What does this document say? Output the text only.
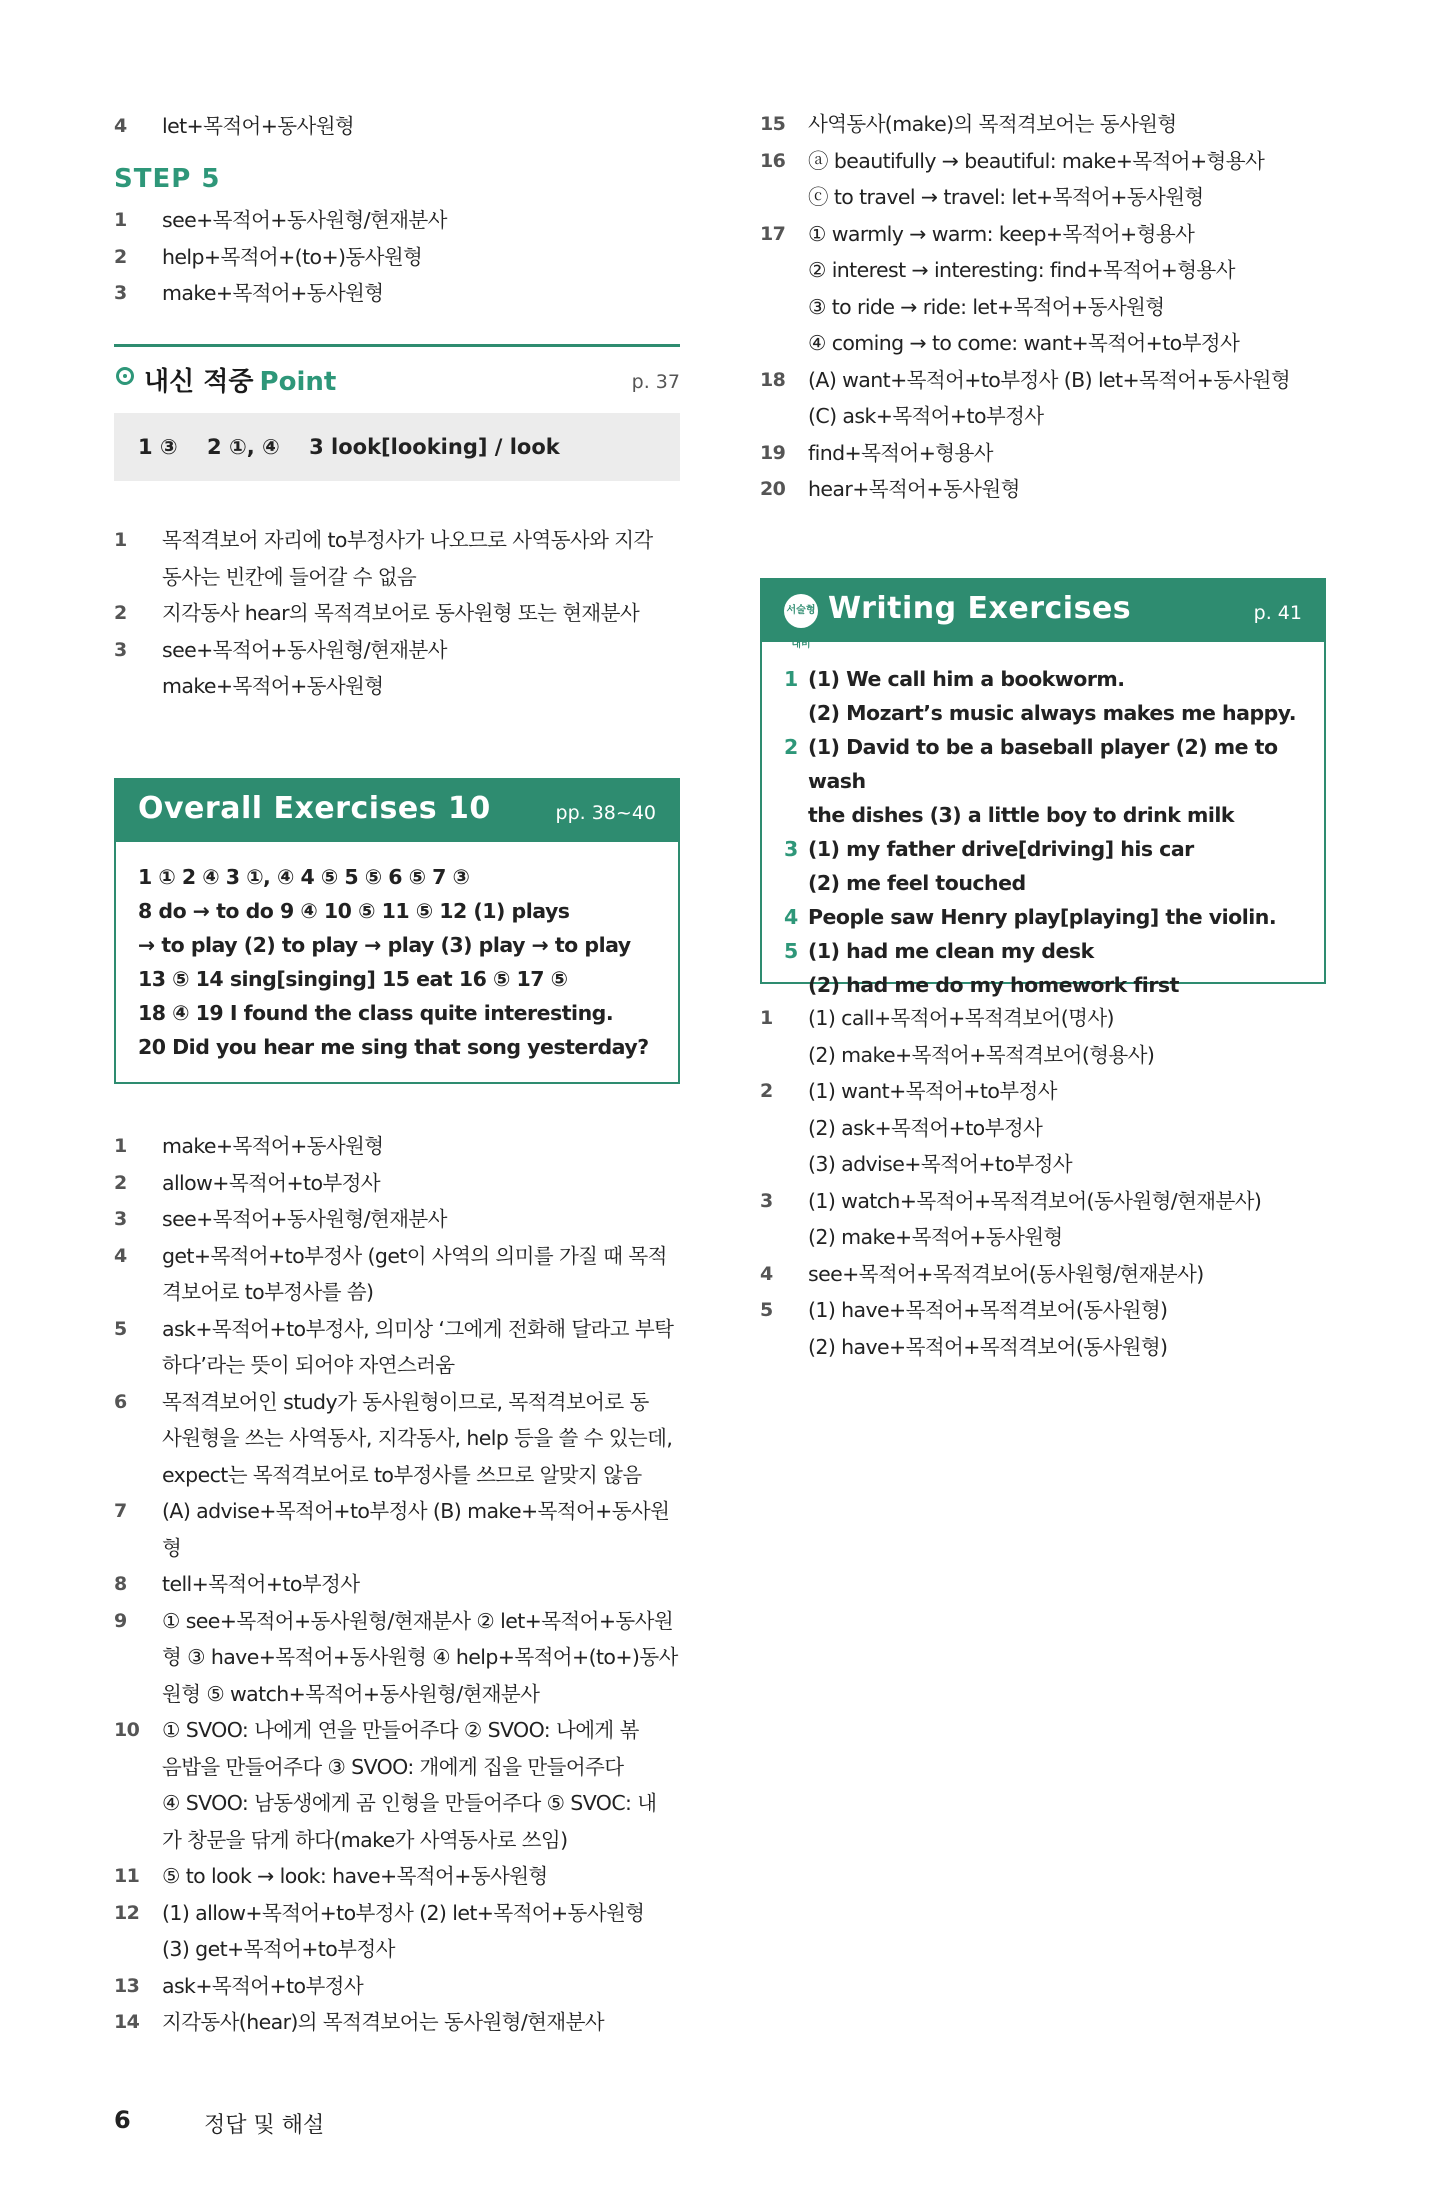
4	let+목적어+동사원형
STEP 5
1	see+목적어+동사원형/현재분사
2	help+목적어+(to+)동사원형
3	make+목적어+동사원형
내신 적중 Point	p. 37
1 ③ 2 ①, ④ 3 look[looking] / look
1	목적격보어 자리에 to부정사가 나오므로 사역동사와 지각
동사는 빈칸에 들어갈 수 없음
2	지각동사 hear의 목적격보어로 동사원형 또는 현재분사
3	see+목적어+동사원형/현재분사
make+목적어+동사원형
Overall Exercises 10	pp. 38~40
1 ① 2 ④ 3 ①, ④ 4 ⑤ 5 ⑤ 6 ⑤ 7 ③
8 do → to do 9 ④ 10 ⑤ 11 ⑤ 12 (1) plays
→ to play (2) to play → play (3) play → to play
13 ⑤ 14 sing[singing] 15 eat 16 ⑤ 17 ⑤
18 ④ 19 I found the class quite interesting.
20 Did you hear me sing that song yesterday?
1	make+목적어+동사원형
2	allow+목적어+to부정사
3	see+목적어+동사원형/현재분사
4	get+목적어+to부정사 (get이 사역의 의미를 가질 때 목적
격보어로 to부정사를 씀)
5	ask+목적어+to부정사, 의미상 ‘그에게 전화해 달라고 부탁
하다’라는 뜻이 되어야 자연스러움
6	목적격보어인 study가 동사원형이므로, 목적격보어로 동
사원형을 쓰는 사역동사, 지각동사, help 등을 쓸 수 있는데,
expect는 목적격보어로 to부정사를 쓰므로 알맞지 않음
7	(A) advise+목적어+to부정사 (B) make+목적어+동사원형
8	tell+목적어+to부정사
9	① see+목적어+동사원형/현재분사 ② let+목적어+동사원
형 ③ have+목적어+동사원형 ④ help+목적어+(to+)동사
원형 ⑤ watch+목적어+동사원형/현재분사
10	① SVOO: 나에게 연을 만들어주다 ② SVOO: 나에게 볶
음밥을 만들어주다 ③ SVOO: 개에게 집을 만들어주다
④ SVOO: 남동생에게 곰 인형을 만들어주다 ⑤ SVOC: 내
가 창문을 닦게 하다(make가 사역동사로 쓰임)
11	⑤ to look → look: have+목적어+동사원형
12	(1) allow+목적어+to부정사 (2) let+목적어+동사원형
(3) get+목적어+to부정사
13	ask+목적어+to부정사
14	지각동사(hear)의 목적격보어는 동사원형/현재분사
15	사역동사(make)의 목적격보어는 동사원형
16	ⓐ beautifully → beautiful: make+목적어+형용사
ⓒ to travel → travel: let+목적어+동사원형
17	① warmly → warm: keep+목적어+형용사
② interest → interesting: find+목적어+형용사
③ to ride → ride: let+목적어+동사원형
④ coming → to come: want+목적어+to부정사
18	(A) want+목적어+to부정사 (B) let+목적어+동사원형
(C) ask+목적어+to부정사
19	find+목적어+형용사
20	hear+목적어+동사원형
서술형 대비
Writing Exercises	p. 41
1 (1) We call him a bookworm.
(2) Mozart’s music always makes me happy.
2 (1) David to be a baseball player (2) me to wash
the dishes (3) a little boy to drink milk
3 (1) my father drive[driving] his car
(2) me feel touched
4 People saw Henry play[playing] the violin.
5 (1) had me clean my desk
(2) had me do my homework first
1	(1) call+목적어+목적격보어(명사)
(2) make+목적어+목적격보어(형용사)
2	(1) want+목적어+to부정사
(2) ask+목적어+to부정사
(3) advise+목적어+to부정사
3	(1) watch+목적어+목적격보어(동사원형/현재분사)
(2) make+목적어+동사원형
4	see+목적어+목적격보어(동사원형/현재분사)
5	(1) have+목적어+목적격보어(동사원형)
(2) have+목적어+목적격보어(동사원형)
6	정답 및 해설
